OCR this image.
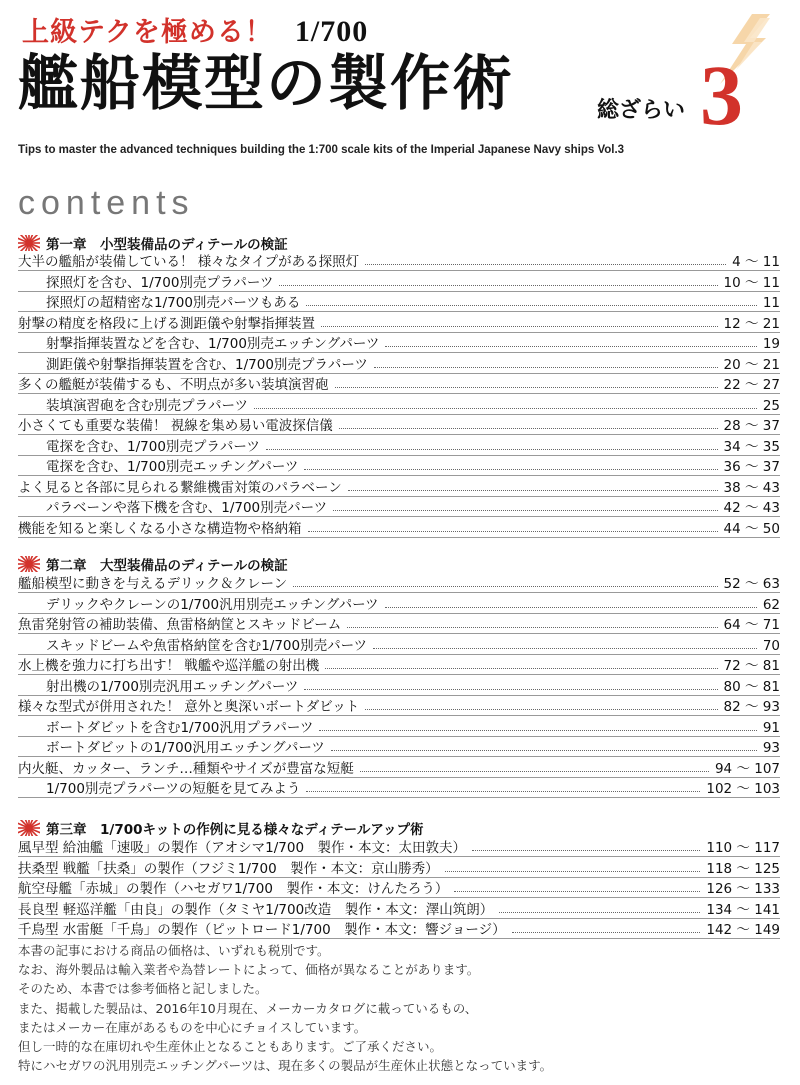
上級テクを極める！ 1/700
艦船模型の製作術	総ざらい 3
Tips to master the advanced techniques building the 1:700 scale kits of the Imperial Japanese Navy ships Vol.3
contents
第一章　小型装備品のディテールの検証
大半の艦船が装備している！ 様々なタイプがある探照灯	4 ～ 11
探照灯を含む、1/700別売プラパーツ	10 ～ 11
探照灯の超精密な1/700別売パーツもある	11
射撃の精度を格段に上げる測距儀や射撃指揮装置	12 ～ 21
射撃指揮装置などを含む、1/700別売エッチングパーツ	19
測距儀や射撃指揮装置を含む、1/700別売プラパーツ	20 ～ 21
多くの艦艇が装備するも、不明点が多い装填演習砲	22 ～ 27
装填演習砲を含む別売プラパーツ	25
小さくても重要な装備！ 視線を集め易い電波探信儀	28 ～ 37
電探を含む、1/700別売プラパーツ	34 ～ 35
電探を含む、1/700別売エッチングパーツ	36 ～ 37
よく見ると各部に見られる繋維機雷対策のパラベーン	38 ～ 43
パラベーンや落下機を含む、1/700別売パーツ	42 ～ 43
機能を知ると楽しくなる小さな構造物や格納箱	44 ～ 50
第二章　大型装備品のディテールの検証
艦船模型に動きを与えるデリック＆クレーン	52 ～ 63
デリックやクレーンの1/700汎用別売エッチングパーツ	62
魚雷発射管の補助装備、魚雷格納筐とスキッドビーム	64 ～ 71
スキッドビームや魚雷格納筐を含む1/700別売パーツ	70
水上機を強力に打ち出す！ 戦艦や巡洋艦の射出機	72 ～ 81
射出機の1/700別売汎用エッチングパーツ	80 ～ 81
様々な型式が併用された！ 意外と奥深いボートダビット	82 ～ 93
ボートダビットを含む1/700汎用プラパーツ	91
ボートダビットの1/700汎用エッチングパーツ	93
内火艇、カッター、ランチ…種類やサイズが豊富な短艇	94 ～ 107
1/700別売プラパーツの短艇を見てみよう	102 ～ 103
第三章　1/700キットの作例に見る様々なディテールアップ術
風早型 給油艦「速吸」の製作（アオシマ1/700　製作・本文：太田敦夫）	110 ～ 117
扶桑型 戦艦「扶桑」の製作（フジミ1/700　製作・本文：京山勝秀）	118 ～ 125
航空母艦「赤城」の製作（ハセガワ1/700　製作・本文：けんたろう）	126 ～ 133
長良型 軽巡洋艦「由良」の製作（タミヤ1/700改造　製作・本文：澤山筑朗）	134 ～ 141
千鳥型 水雷艇「千鳥」の製作（ピットロード1/700　製作・本文：響ジョージ）	142 ～ 149
本書の記事における商品の価格は、いずれも税別です。
なお、海外製品は輸入業者や為替レートによって、価格が異なることがあります。
そのため、本書では参考価格と記しました。
また、掲載した製品は、2016年10月現在、メーカーカタログに載っているもの、
またはメーカー在庫があるものを中心にチョイスしています。
但し一時的な在庫切れや生産休止となることもあります。ご了承ください。
特にハセガワの汎用別売エッチングパーツは、現在多くの製品が生産休止状態となっています。
